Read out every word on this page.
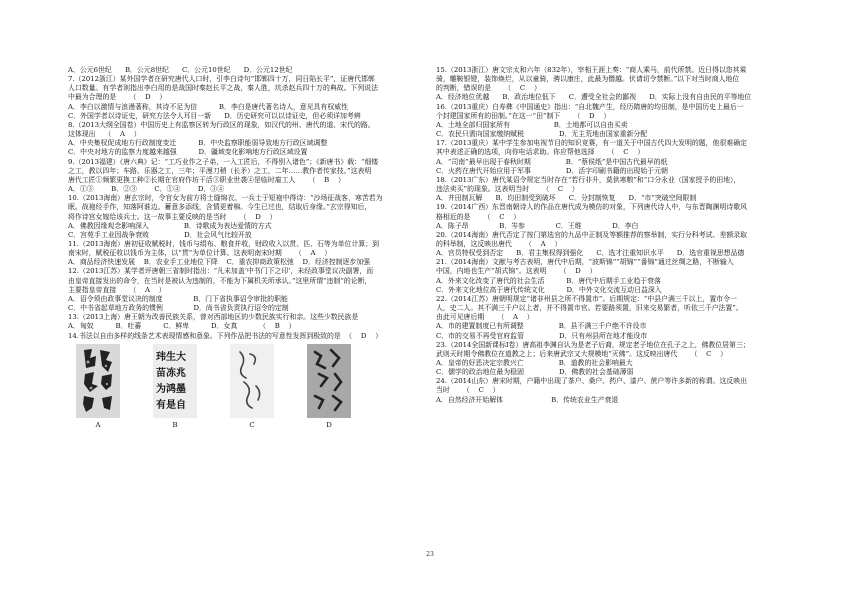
A．公元6世纪      B．公元8世纪      C．公元10世纪      D．公元12世纪
7.（2012浙江）某外国学者在研究唐代人口时，引李白诗句“邯郸四十万，同日陷长平”，证唐代邯郸
人口数量。有学者则指出李白用的是战国时秦赵长平之战，秦人胜，坑杀赵兵四十万的典故。下列说法
中最为合理的是      （    D    ）
A．李白以激情与浪漫著称，其诗不足为信          B．李白是唐代著名诗人，意见具有权威性
C．外国学者以诗证史，研究方法令人耳目一新      D．历史研究可以以诗证史，但必须详加考辨
8.（2013大纲全国卷）中国历史上有监察区转为行政区的现象，如汉代的州、唐代的道、宋代的路。
这体现出    （    A    ）
A．中央集权促成地方行政制度变迁          B．中央监察职能弱导致地方行政区域调整
C．中央对地方的监察力度越来越强          D．疆域变化影响地方行政区域设置
9.（2013福建）《唐六典》记：“工巧业作之子弟，一入工匠后，不得别入诸色”；《新唐书》载：“细镂
之工，教以四年；车路、乐器之工，三年；平漫刀稍（长矛）之工，二年……教作者传家技。”这表明
唐代工匠①频繁更换工种②长期在官府作坊干活③职业世袭④是临时雇工人      （    B    ）
A．①③        B．②③        C．①④        D．③④
10.（2013海南）唐玄宗时，令官女为前方将士缝绵衣。一兵士于短袍中得诗：“沙场征战客，寒苦若为
眠。战袍经手作，知落阿谁边。蓄意多添线，含情更着棉。今生已过也，结取后身缘。”玄宗得知后，
将作诗宫女嫁给该兵士。这一故事主要反映的是当时      （    D    ）
A．佛教因缘观念影响深入                B．诗歌成为表达爱情的方式
C．宫苑手工业因战争衰败                D．社会风气比较开放
11.（2013海南）唐初征收赋税时，钱币与绢布、粮食并收，财政收入以贯、匹、石等为单位计算；到
南宋时，赋税征收以钱币为主体，以“贯”为单位计算。这表明南宋时期      （    A    ）
A．商品经济快速发展    B．农业手工业地位下降    C．重农抑商政策松弛    D．经济控制逐步加强
12.（2013江苏）某学者评唐朝三省制时指出：“凡未加盖‘中书门下之印’，未经政事堂议决副署，而
由皇帝直接发出的命令，在当时是被认为违制的，不能为下属机关所承认。”这里所谓“违制”的论断，
主要指皇帝直接      （    A    ）
A．诏令须由政事堂议决的制度              B．门下省执事诏令审批的职能
C．中书省起草地方政务的惯例              D．尚书省负责执行诏令的定制
13.（2013上海）唐王朝为改善民族关系，曾对西部地区的少数民族实行和亲。这些少数民族是
A．匈奴          B．吐蕃          C．鲜卑          D．女真          （    B    ）
14.书法以自由多样的线条艺术表现情感和意象。下列作品把书法的写意性发挥到极致的是  （    D    ）
A
玮生大
苗冻兆
为鸿墨
有是自
B	C	D
15.（2013浙江）唐文宗太和六年（832年），宰相王涯上奏：“商人乘马，前代所禁。近日得以恣其乘
骑，雕鞍银镫，装饰焕烂，从以童骑，骋以康庄，此最为僭越。伏请切令禁断。”以下对当时商人地位
的判断，错误的是      （    C    ）
A．经济地位优越      B．政治地位低下      C．遭受全社会的鄙视      D．实际上没有自由民的平等地位
16.（2013重庆）白寿彝《中国通史》指出：“自北魏产生，经历隋唐的均田制，是中国历史上最后一
个封建国家所有的田制。”在这一“田”制下      （    D    ）
A．土地全部归国家所有                    B．土地都可以自由买卖
C．农民只需向国家缴纳赋税                D．无主荒地由国家重新分配
17.（2013重庆）某中学生参加电视节目的知识竞赛，有一道关于中国古代四大发明的题，他很难确定
其中表述正确的选项，向你电话求助。你应帮他选择      （    C    ）
A．“司南”最早出现于春秋时期                B．“蔡侯纸”是中国古代最早的纸
C．火药在唐代开始应用于军事                D．活字印刷书籍的出现始于元朝
18.（2013广东）唐代某诏令规定当时存在“若行非升，莫供寒粮”和“口分永业（国家授予的田地），
违法卖买”的现象。这表明当时      （    C    ）
A．井田制瓦解      B．均田制受到破坏      C．分封制恢复      D．“市”突破空间限制
19.（2014广西）东晋南朝诗人的作品在唐代成为模仿的对象，下列唐代诗人中，与东晋陶渊明诗歌风
格相近的是      （    C    ）
A．陈子昂              B．岑参              C．王维              D．李白
20.（2014海南）唐代否定了按门第选官的九品中正制及等额推荐的察举制，实行分科考试、差额录取
的科举制，这反映出唐代      （    A    ）
A．官员特权受到否定      B．君主集权得到强化      C．选才注重知识水平      D．选官重视思想品德
21.（2014海南）文献与考古表明，唐代中后期，“波斯锦”“胡锦”“番锦”通过丝绸之路，不断输入
中国，内地也生产“胡式锦”。这表明      （    D    ）
A．外来文化改变了唐代的社会生活          B．唐代中后期手工业趋于衰落
C．外来文化地位高于唐代传统文化          D．中外文化交流互动日益深入
22.（2014江苏）唐朝明规定“诸非州县之所不得置市”。后期规定：“中县户满三千以上，置市令一
人，史二人。其不满三千户以上者，并不得置市官。若要路须置，旧来交易繁者，听依三千户法置”。
由此可见唐后期      （    A    ）
A．市的建置制度已有所调整                B．县不满三千户绝不许设市
C．市的交易不再受官府监管                D．只有州县所在地才能设市
23.（2014全国新课标Ⅰ卷）唐高祖李渊自认为是老子后裔，规定老子地位在孔子之上，佛教位居第三；
武则天时期令佛教位在道教之上；后来唐武宗又大规模地“灭佛”。这反映出唐代      （    C    ）
A．皇帝的好恶决定宗教兴亡                B．道教的社会影响最大
C．儒学的政治地位最为稳固                D．佛教的社会基础薄弱
24.（2014山东）唐宋时期，户籍中出现了茶户、桑户、药户、漆户、蔗户等许多新的称谓。这反映出
当时      （    C    ）
A．自然经济开始解体                      B．传统农业生产衰退
23
